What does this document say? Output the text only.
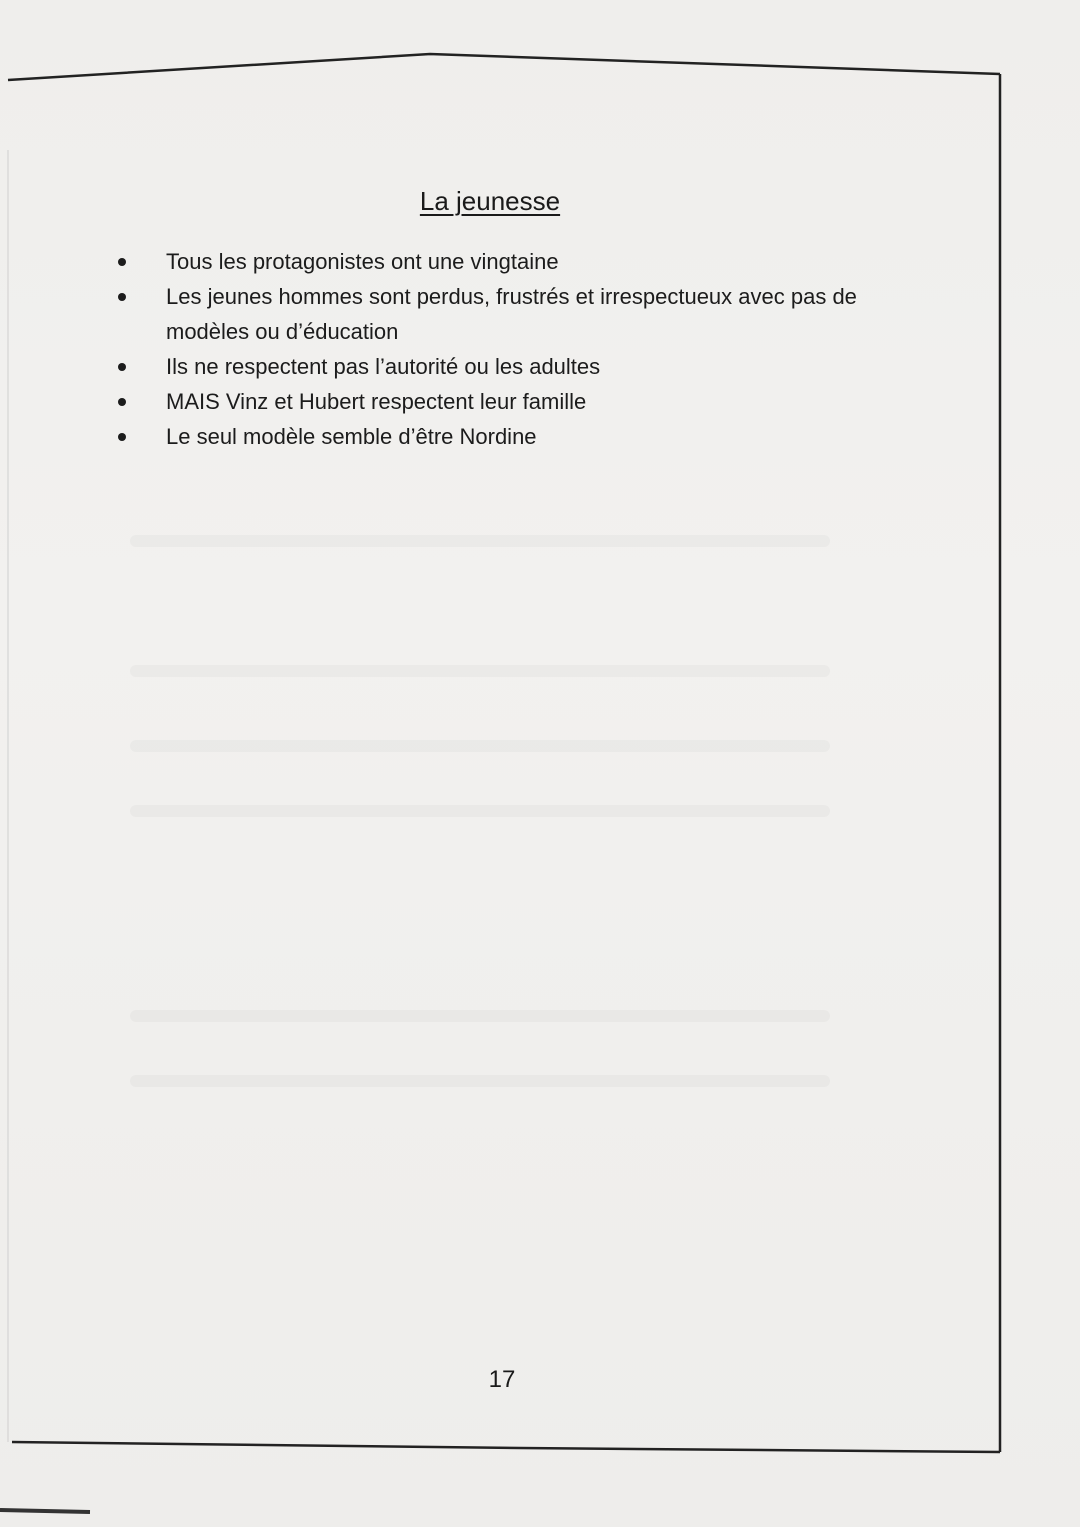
La jeunesse
Tous les protagonistes ont une vingtaine
Les jeunes hommes sont perdus, frustrés et irrespectueux avec pas de modèles ou d’éducation
Ils ne respectent pas l’autorité ou les adultes
MAIS Vinz et Hubert respectent leur famille
Le seul modèle semble d’être Nordine
17
